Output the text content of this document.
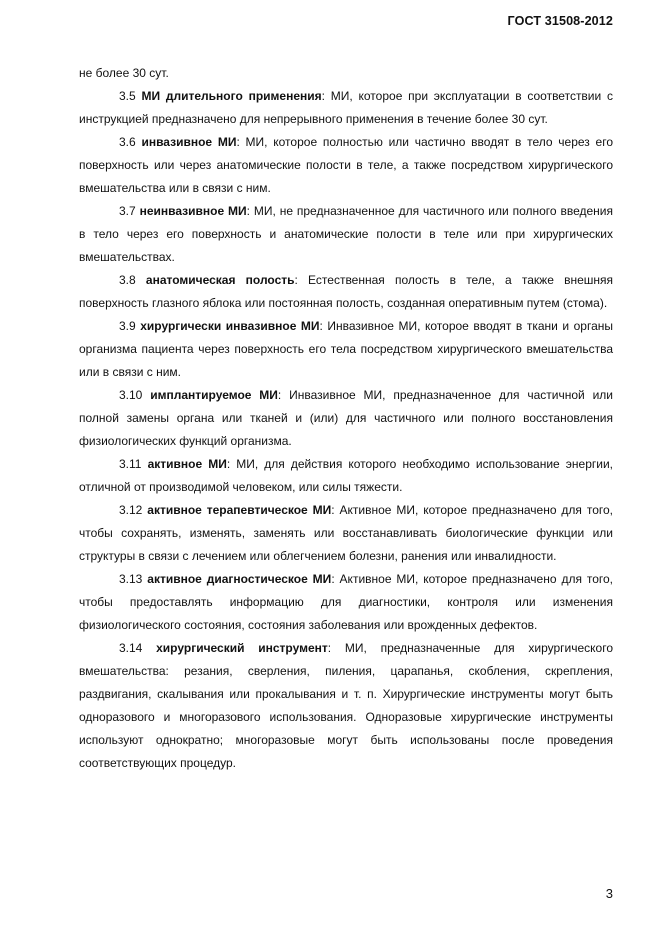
ГОСТ 31508-2012

не более 30 сут.

3.5 МИ длительного применения: МИ, которое при эксплуатации в соответствии с инструкцией предназначено для непрерывного применения в течение более 30 сут.

3.6 инвазивное МИ: МИ, которое полностью или частично вводят в тело через его поверхность или через анатомические полости в теле, а также посредством хирургического вмешательства или в связи с ним.

3.7 неинвазивное МИ: МИ, не предназначенное для частичного или полного введения в тело через его поверхность и анатомические полости в теле или при хирургических вмешательствах.

3.8 анатомическая полость: Естественная полость в теле, а также внешняя поверхность глазного яблока или постоянная полость, созданная оперативным путем (стома).

3.9 хирургически инвазивное МИ: Инвазивное МИ, которое вводят в ткани и органы организма пациента через поверхность его тела посредством хирургического вмешательства или в связи с ним.

3.10 имплантируемое МИ: Инвазивное МИ, предназначенное для частичной или полной замены органа или тканей и (или) для частичного или полного восстановления физиологических функций организма.

3.11 активное МИ: МИ, для действия которого необходимо использование энергии, отличной от производимой человеком, или силы тяжести.

3.12 активное терапевтическое МИ: Активное МИ, которое предназначено для того, чтобы сохранять, изменять, заменять или восстанавливать биологические функции или структуры в связи с лечением или облегчением болезни, ранения или инвалидности.

3.13 активное диагностическое МИ: Активное МИ, которое предназначено для того, чтобы предоставлять информацию для диагностики, контроля или изменения физиологического состояния, состояния заболевания или врожденных дефектов.

3.14 хирургический инструмент: МИ, предназначенные для хирургического вмешательства: резания, сверления, пиления, царапанья, скобления, скрепления, раздвигания, скалывания или прокалывания и т. п. Хирургические инструменты могут быть одноразового и многоразового использования. Одноразовые хирургические инструменты используют однократно; многоразовые могут быть использованы после проведения соответствующих процедур.

3
